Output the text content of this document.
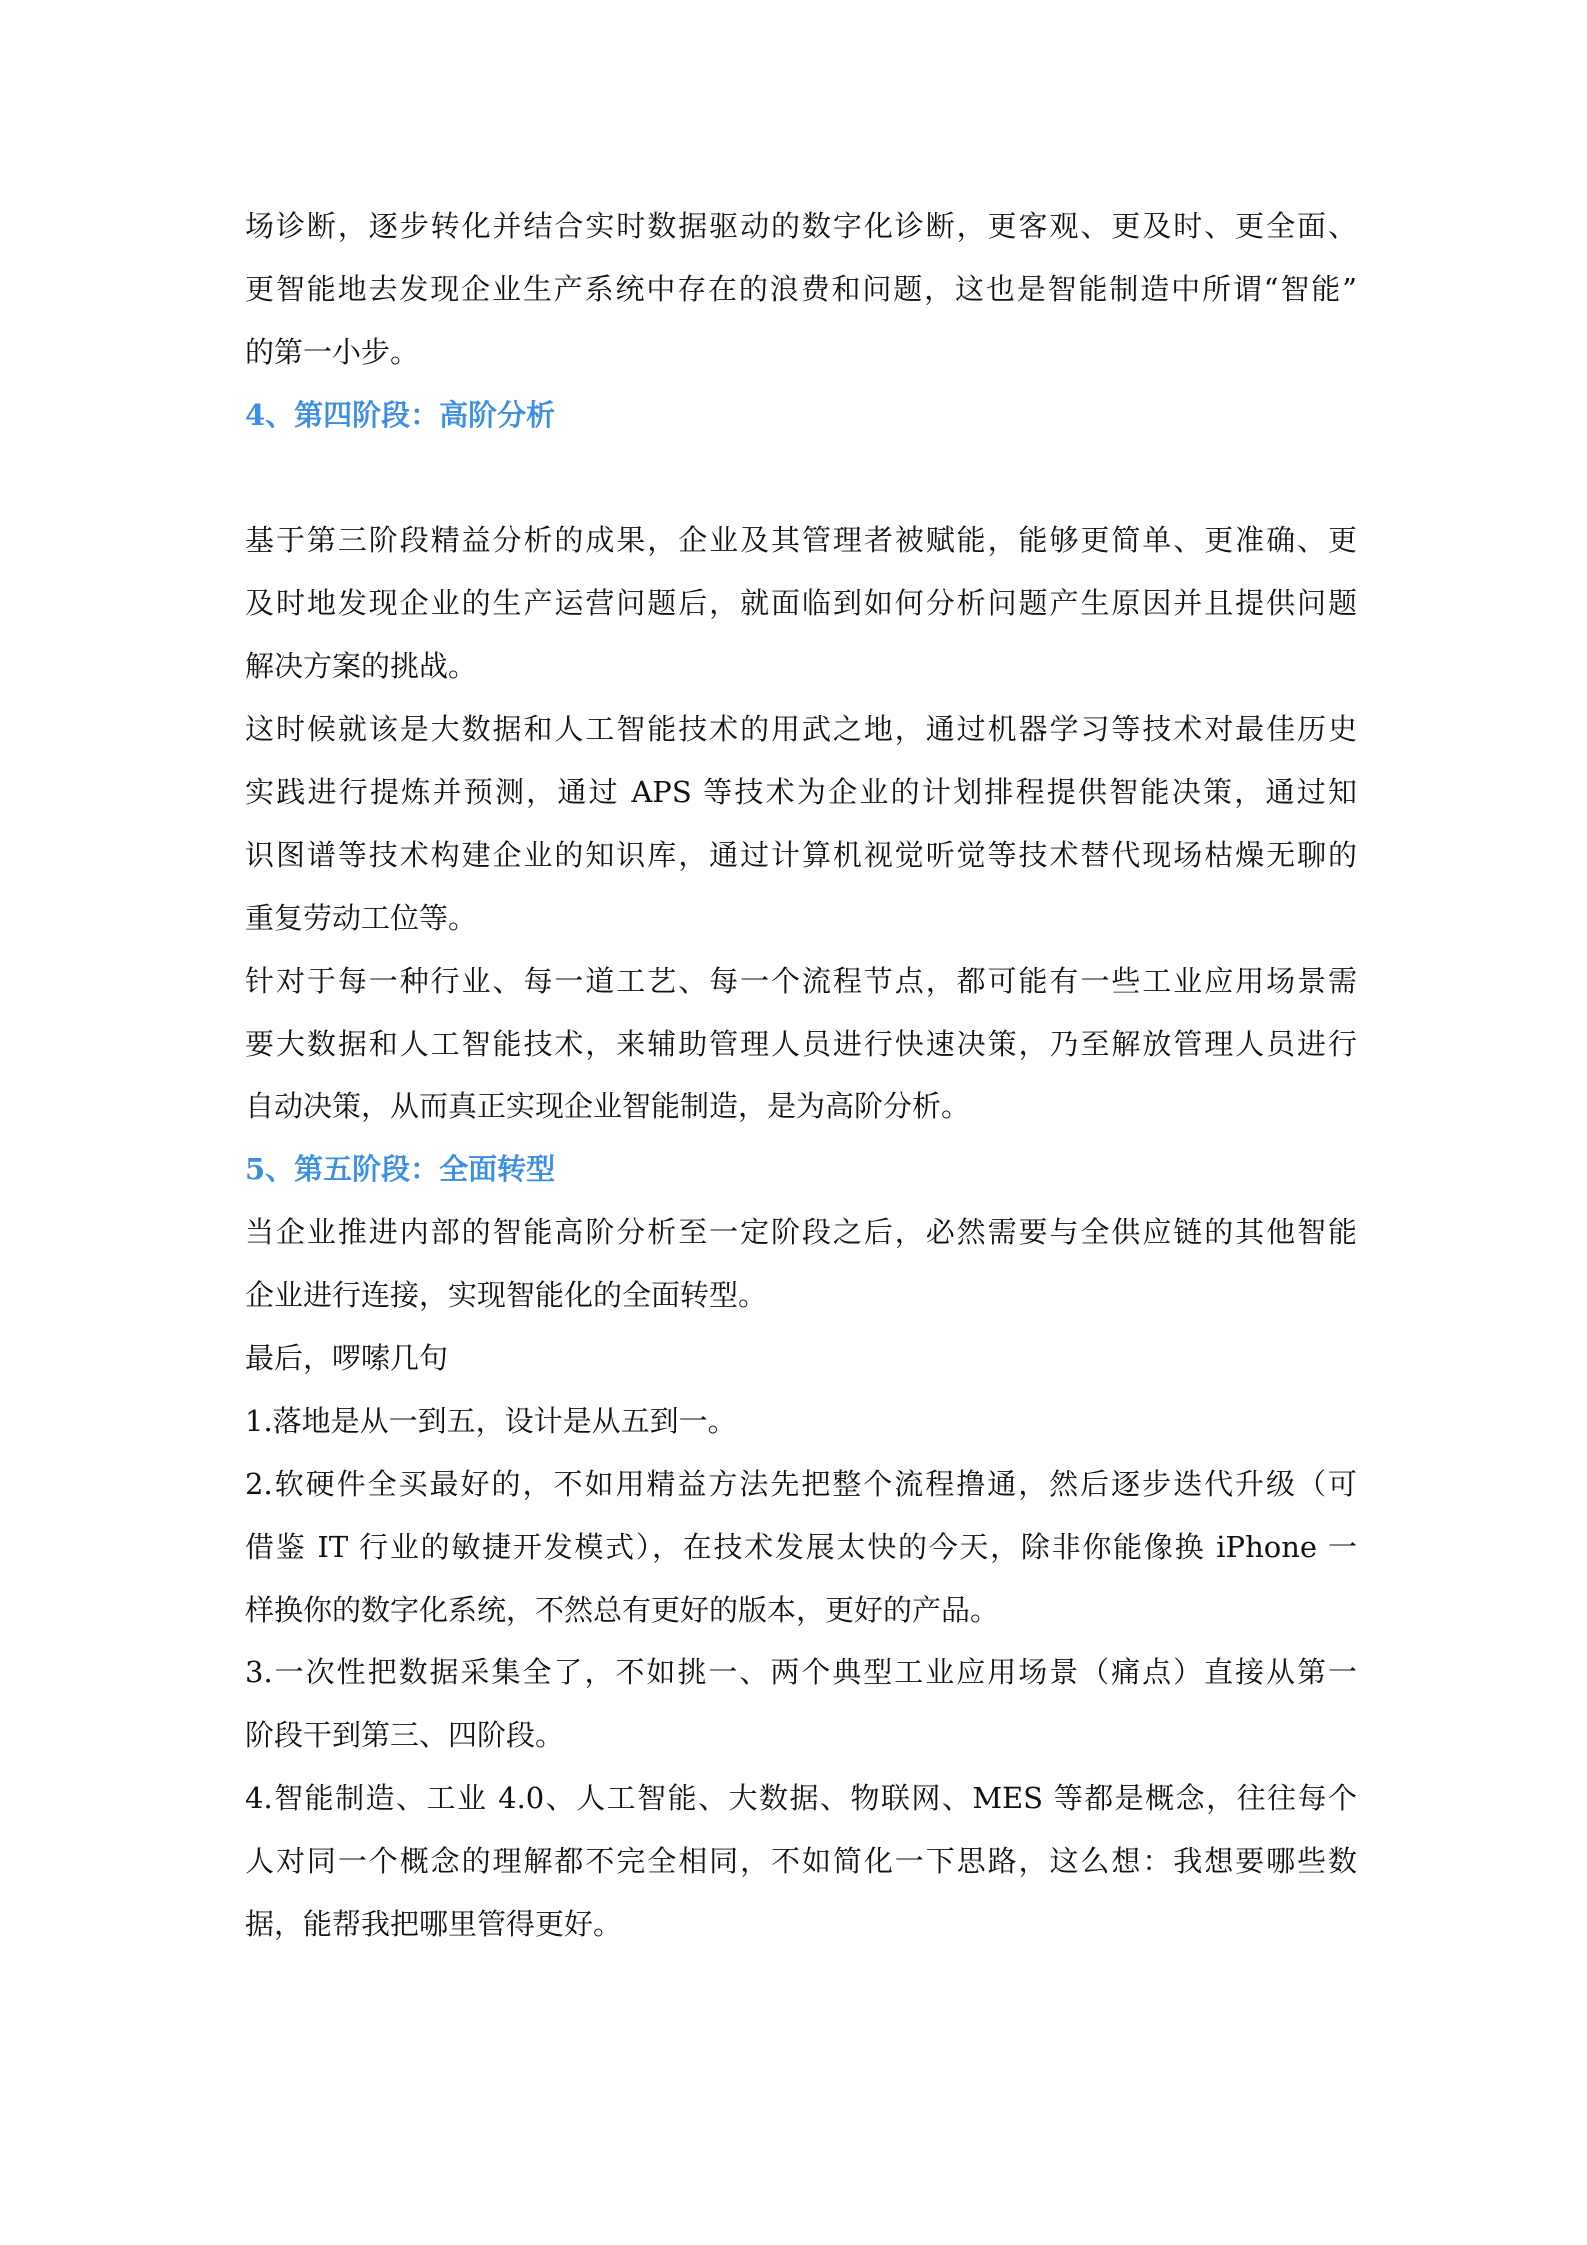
场诊断，逐步转化并结合实时数据驱动的数字化诊断，更客观、更及时、更全面、
更智能地去发现企业生产系统中存在的浪费和问题，这也是智能制造中所谓“智能”
的第一小步。
4、第四阶段：高阶分析
基于第三阶段精益分析的成果，企业及其管理者被赋能，能够更简单、更准确、更
及时地发现企业的生产运营问题后，就面临到如何分析问题产生原因并且提供问题
解决方案的挑战。
这时候就该是大数据和人工智能技术的用武之地，通过机器学习等技术对最佳历史
实践进行提炼并预测，通过 APS 等技术为企业的计划排程提供智能决策，通过知
识图谱等技术构建企业的知识库，通过计算机视觉听觉等技术替代现场枯燥无聊的
重复劳动工位等。
针对于每一种行业、每一道工艺、每一个流程节点，都可能有一些工业应用场景需
要大数据和人工智能技术，来辅助管理人员进行快速决策，乃至解放管理人员进行
自动决策，从而真正实现企业智能制造，是为高阶分析。
5、第五阶段：全面转型
当企业推进内部的智能高阶分析至一定阶段之后，必然需要与全供应链的其他智能
企业进行连接，实现智能化的全面转型。
最后，啰嗦几句
1.落地是从一到五，设计是从五到一。
2.软硬件全买最好的，不如用精益方法先把整个流程撸通，然后逐步迭代升级（可
借鉴 IT 行业的敏捷开发模式），在技术发展太快的今天，除非你能像换 iPhone 一
样换你的数字化系统，不然总有更好的版本，更好的产品。
3.一次性把数据采集全了，不如挑一、两个典型工业应用场景（痛点）直接从第一
阶段干到第三、四阶段。
4.智能制造、工业 4.0、人工智能、大数据、物联网、MES 等都是概念，往往每个
人对同一个概念的理解都不完全相同，不如简化一下思路，这么想：我想要哪些数
据，能帮我把哪里管得更好。
